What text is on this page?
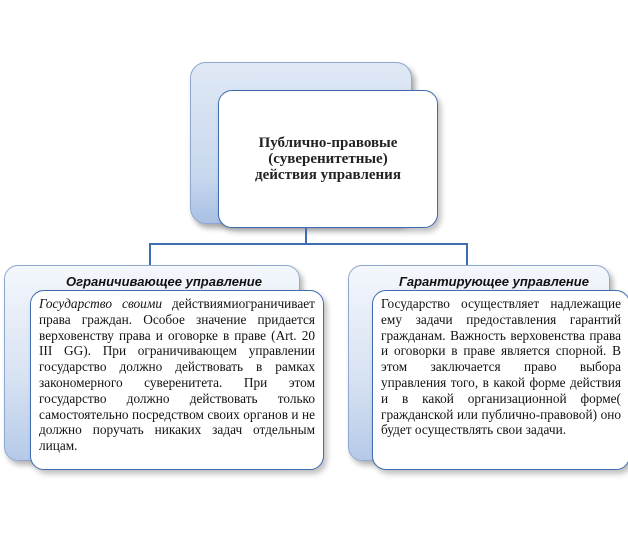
Публично-правовые (суверенитетные) действия управления
Ограничивающее управление
Государство своими действиямиограничивает права граждан. Особое значение придается верховенству права и оговорке в праве (Art. 20 III GG). При ограничивающем управлении государство должно действовать в рамках закономерного суверенитета. При этом государство должно действовать только самостоятельно посредством своих органов и не должно поручать никаких задач отдельным лицам.
Гарантирующее управление
Государство осуществляет надлежащие ему задачи предоставления гарантий гражданам. Важность верховенства права и оговорки в праве является спорной. В этом заключается право выбора управления того, в какой форме действия и в какой организационной форме( гражданской или публично-правовой) оно будет осуществлять свои задачи.
